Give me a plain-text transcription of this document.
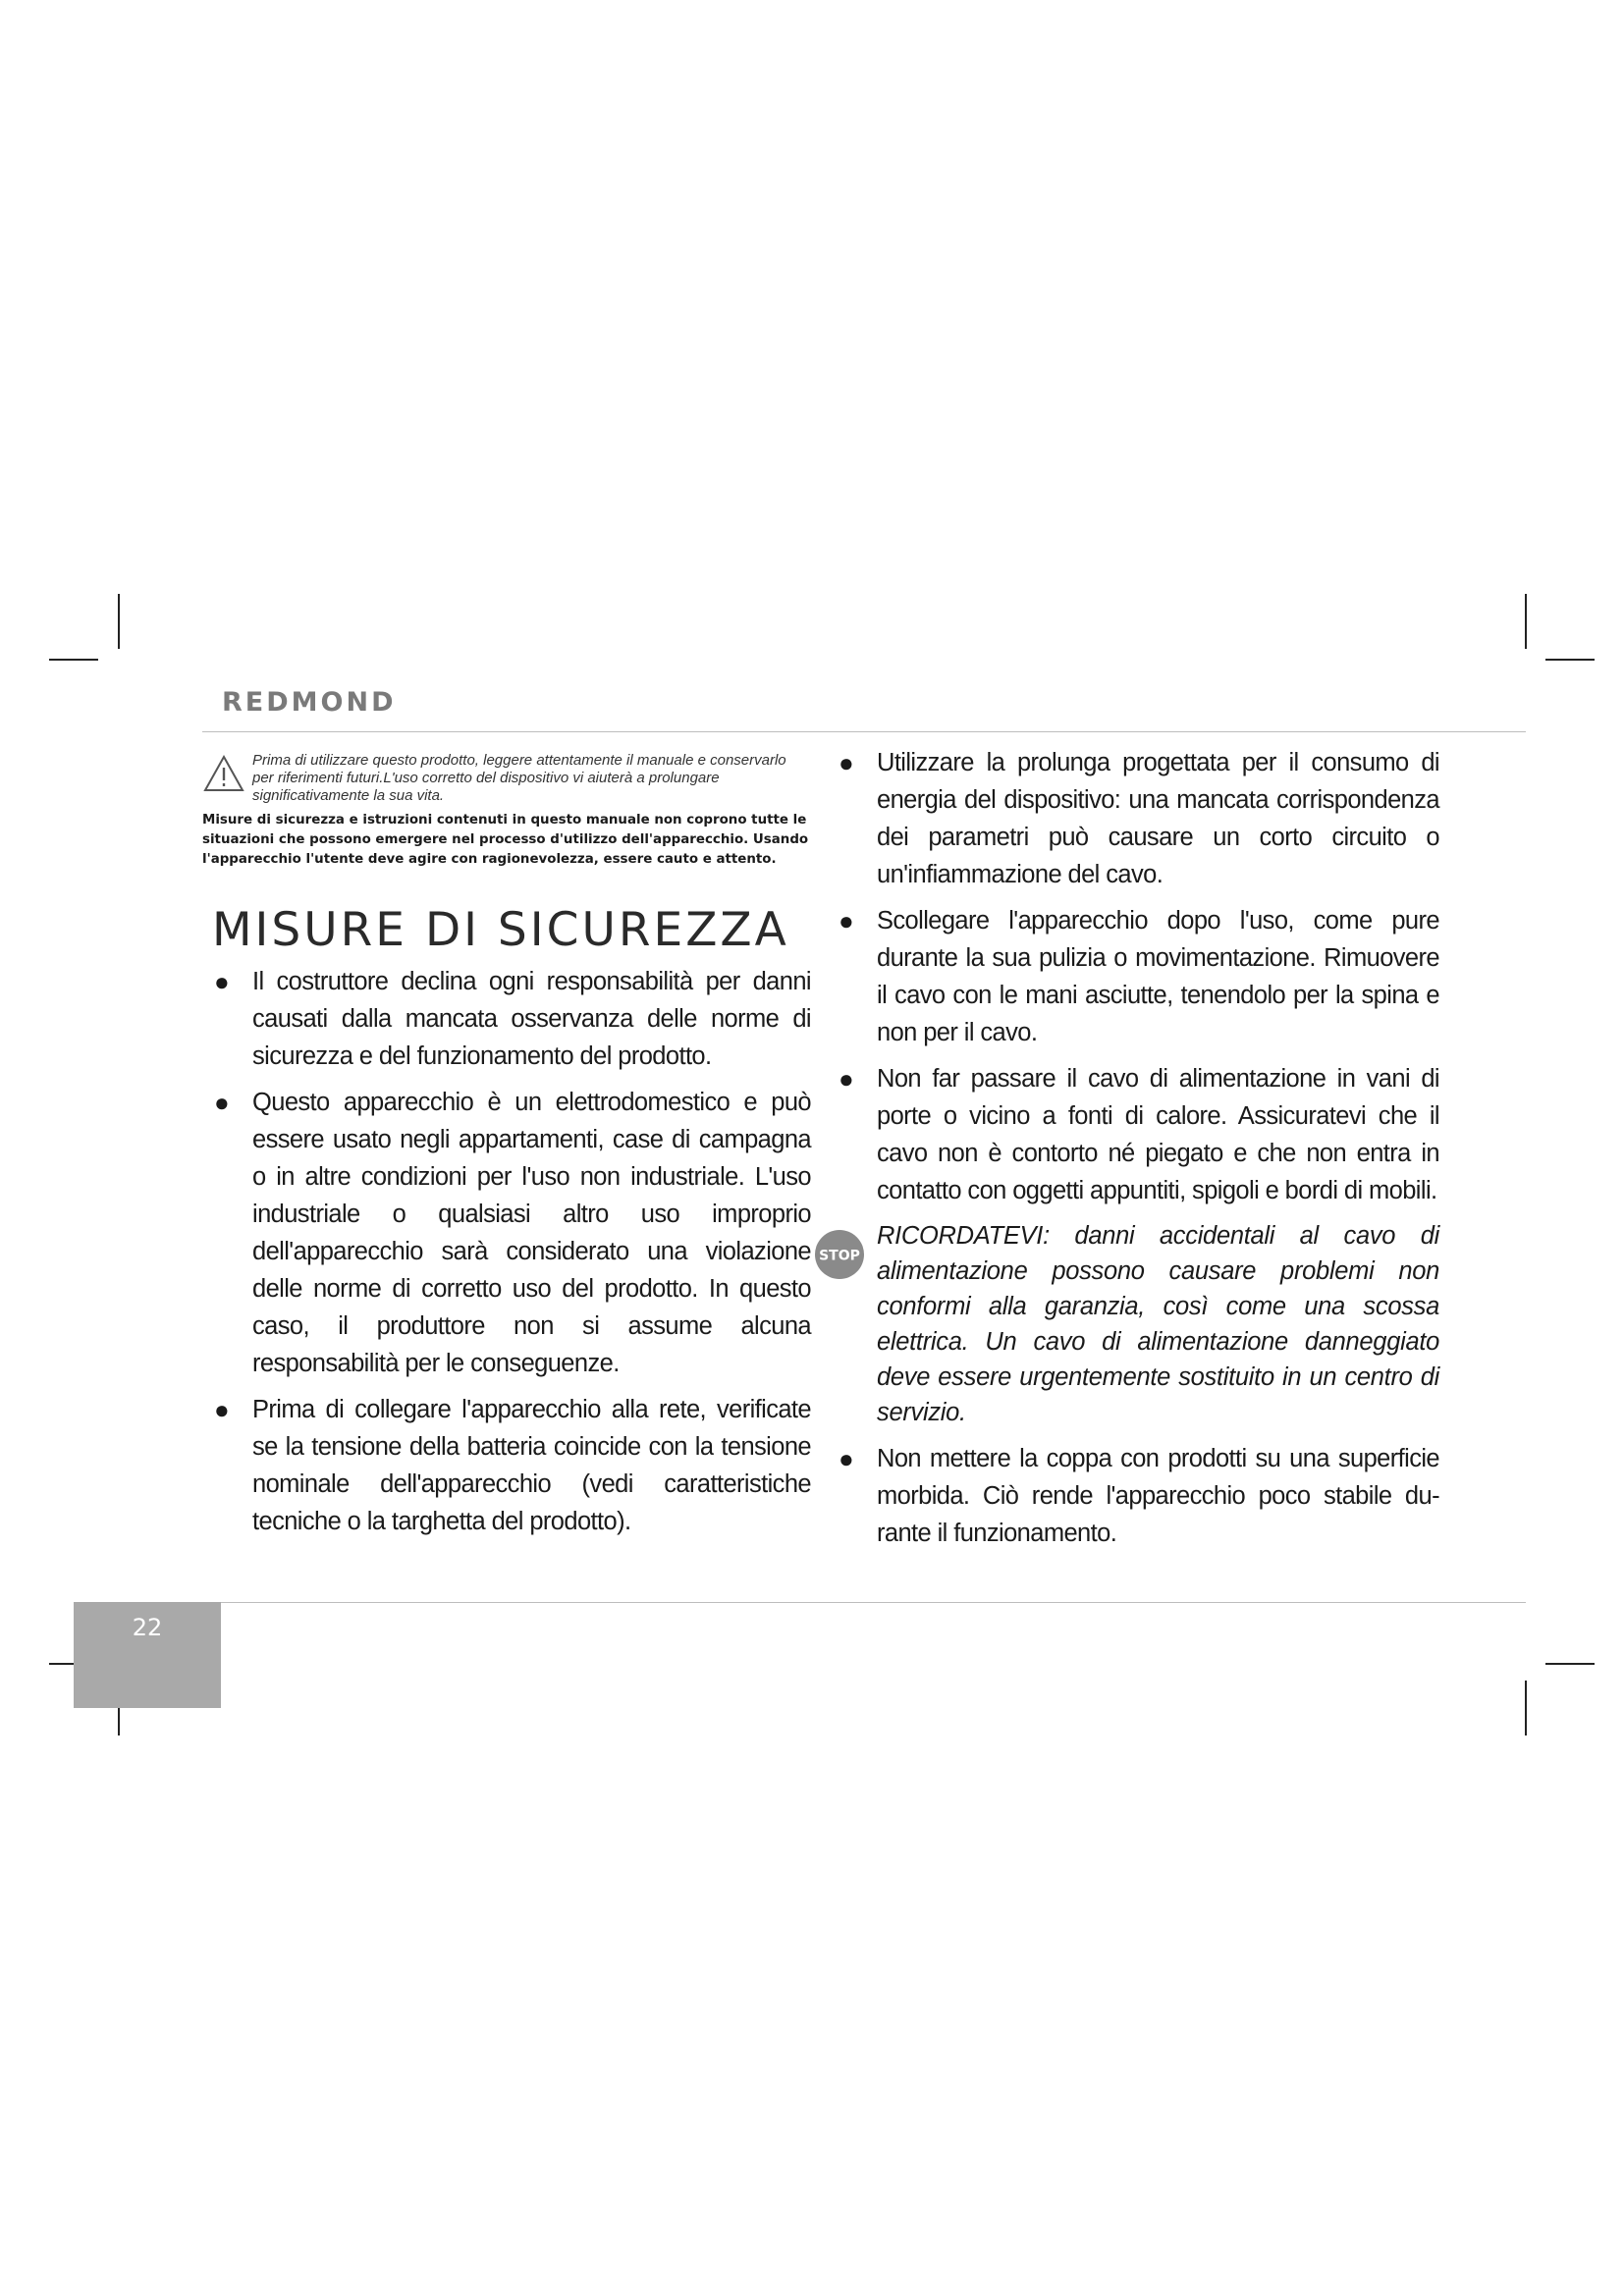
REDMOND

Prima di utilizzare questo prodotto, leggere attentamente il manuale e conservarlo per riferimenti futuri.L'uso corretto del dispositivo vi aiuterà a prolungare significativamente la sua vita.

Misure di sicurezza e istruzioni contenuti in questo manuale non coprono tutte le situazioni che possono emergere nel processo d'utilizzo dell'apparecchio. Usando l'apparecchio l'utente deve agire con ragionevolezza, essere cauto e attento.

MISURE DI SICUREZZA
● Il costruttore declina ogni responsabilità per danni causati dalla mancata osservanza delle norme di sicurezza e del funzionamento del prodotto.
● Questo apparecchio è un elettrodomestico e può essere usato negli appartamenti, case di campagna o in altre condizioni per l'uso non industriale. L'uso industriale o qualsiasi altro uso improprio dell'apparecchio sarà considerato una violazione delle norme di corretto uso del prodotto. In questo caso, il produttore non si assume alcuna responsabilità per le conseguenze.
● Prima di collegare l'apparecchio alla rete, verificate se la tensione della batteria coincide con la tensione nominale dell'apparecchio (vedi caratteristiche tecniche o la targhetta del prodotto).
● Utilizzare la prolunga progettata per il consumo di energia del dispositivo: una mancata corrispondenza dei parametri può causare un corto circuito o un'infiammazione del cavo.
● Scollegare l'apparecchio dopo l'uso, come pure durante la sua pulizia o movimentazione. Rimuovere il cavo con le mani asciutte, tenendolo per la spina e non per il cavo.
● Non far passare il cavo di alimentazione in vani di porte o vicino a fonti di calore. Assicuratevi che il cavo non è contorto né piegato e che non entra in contatto con oggetti appuntiti, spigoli e bordi di mobili.
STOP
RICORDATEVI: danni accidentali al cavo di alimentazione possono causare problemi non conformi alla garanzia, così come una scossa elettrica. Un cavo di alimentazione danneggiato deve essere urgentemente sostituito in un centro di servizio.
● Non mettere la coppa con prodotti su una superficie morbida. Ciò rende l'apparecchio poco stabile du-rante il funzionamento.
22
